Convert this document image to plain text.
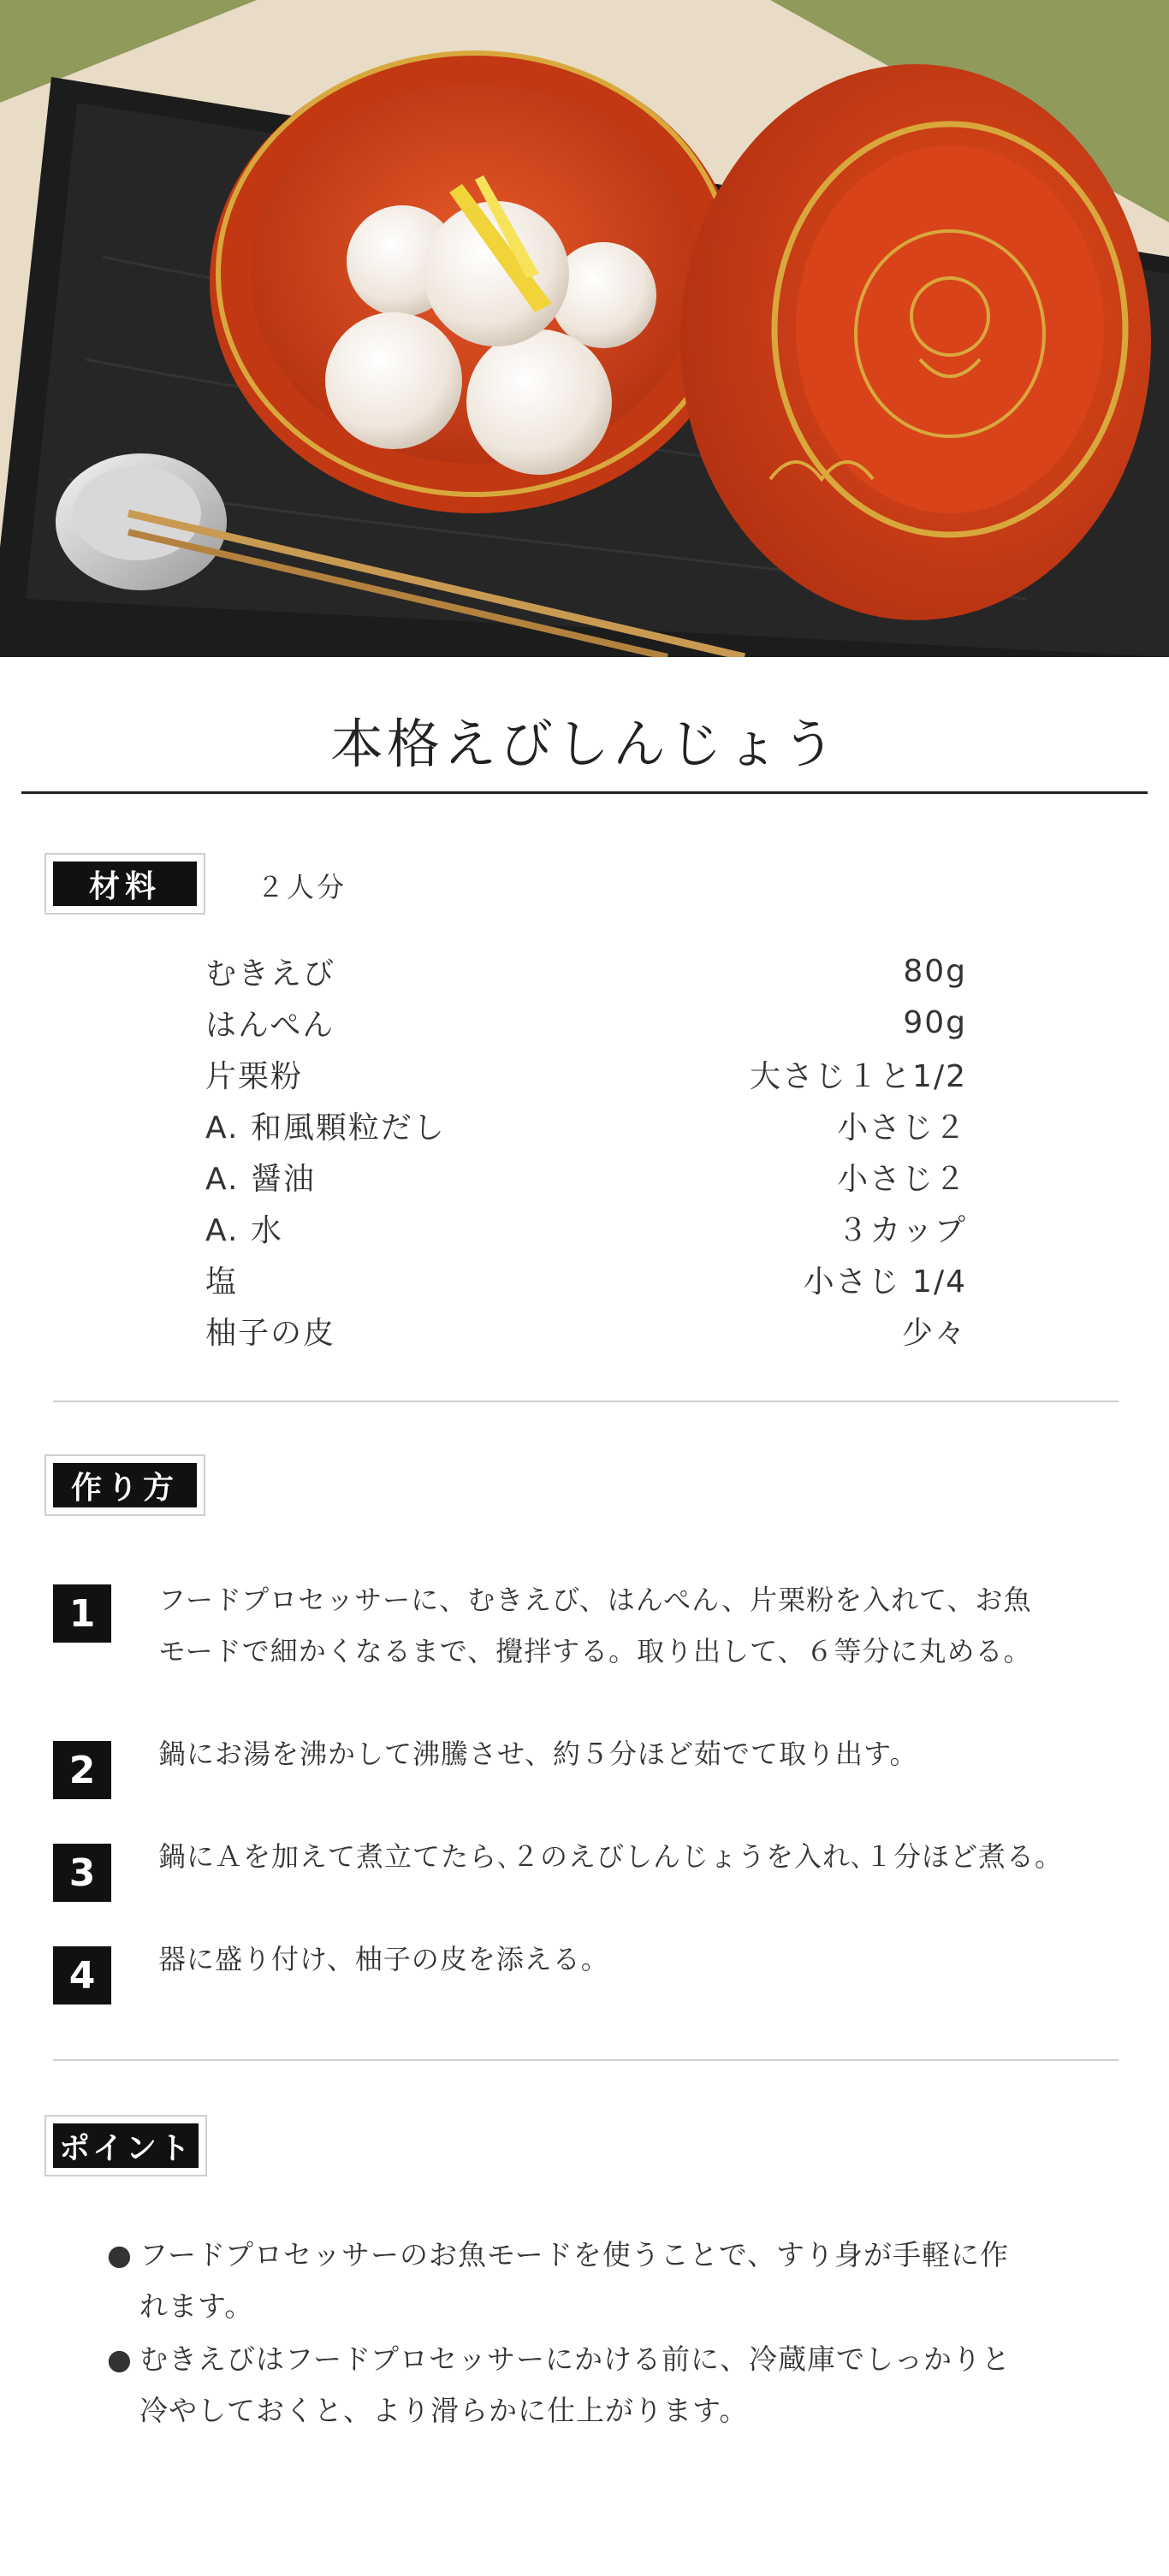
本格えびしんじょう
材料	２人分
むきえび	80g
はんぺん	90g
片栗粉	大さじ１と1/2
A. 和風顆粒だし	小さじ２
A. 醤油	小さじ２
A. 水	３カップ
塩	小さじ 1/4
柚子の皮	少々
作り方
1	フードプロセッサーに、むきえび、はんぺん、片栗粉を入れて、お魚
モードで細かくなるまで、攪拌する。取り出して、６等分に丸める。
2	鍋にお湯を沸かして沸騰させ、約５分ほど茹でて取り出す。
3	鍋にＡを加えて煮立てたら､２のえびしんじょうを入れ､１分ほど煮る。
4	器に盛り付け、柚子の皮を添える。
ポイント
● フードプロセッサーのお魚モードを使うことで、すり身が手軽に作
れます。
● むきえびはフードプロセッサーにかける前に、冷蔵庫でしっかりと
冷やしておくと、より滑らかに仕上がります。
